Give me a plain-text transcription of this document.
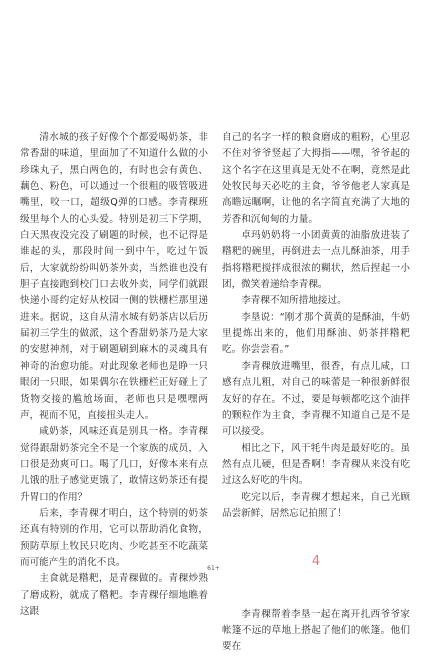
清水城的孩子好像个个都爱喝奶茶，非常香甜的味道，里面加了不知道什么做的小珍珠丸子，黑白两色的，有时也会有黄色、藕色、粉色，可以通过一个很粗的吸管吸进嘴里，咬一口，超级Q弹的口感。李青稞班级里每个人的心头爱。特别是初三下学期，白天黑夜没完没了刷题的时候，也不记得是谁起的头，那段时间一到中午，吃过午饭后，大家就纷纷叫奶茶外卖，当然谁也没有胆子直接跑到校门口去收外卖，同学们就跟快递小哥约定好从校园一侧的铁栅栏那里递进来。据说，这自从清水城有奶茶店以后历届初三学生的做派，这个香甜奶茶乃是大家的安慰神剂，对于刷题刷到麻木的灵魂具有神奇的治愈功能。对此现象老师也是睁一只眼闭一只眼，如果偶尔在铁栅栏正好碰上了货物交接的尴尬场面，老师也只是嘿嘿两声，视而不见，直接扭头走人。

咸奶茶，风味还真是别具一格。李青稞觉得跟甜奶茶完全不是一个家族的成员，入口很是劲爽可口。喝了几口，好像本来有点儿饿的肚子感觉更饿了，敢情这奶茶还有提升胃口的作用？

后来，李青稞才明白，这个特别的奶茶还真有特别的作用，它可以帮助消化食物，预防草原上牧民只吃肉、少吃甚至不吃蔬菜而可能产生的消化不良。

主食就是糌粑，是青稞做的。青稞炒熟了磨成粉，就成了糌粑。李青稞仔细地瞧着这跟

自己的名字一样的粮食磨成的粗粉，心里忍不住对爷爷竖起了大拇指——嘿，爷爷起的这个名字在这里真是无处不在啊，竟然是此处牧民每天必吃的主食，爷爷他老人家真是高瞻远瞩啊，让他的名字简直充满了大地的芳香和沉甸甸的力量。

卓玛奶奶将一小团黄黄的油脂放进装了糌粑的碗里，再倒进去一点儿酥油茶，用手指将糌粑搅拌成很浓的糊状，然后捏起一小团，微笑着递给李青稞。

李青稞不知所措地接过。

李垦说：“刚才那个黄黄的是酥油，牛奶里提炼出来的，他们用酥油、奶茶拌糌粑吃。你尝尝看。”

李青稞放进嘴里，很香，有点儿咸，口感有点儿粗，对自己的味蕾是一种很新鲜很友好的存在。不过，要是每顿都吃这个油拌的颗粒作为主食，李青稞不知道自己是不是可以接受。

相比之下，风干牦牛肉是最好吃的。虽然有点儿硬，但是香啊！李青稞从来没有吃过这么好吃的牛肉。

吃完以后，李青稞才想起来，自己光顾品尝新鲜，居然忘记拍照了！

4

李青稞帮着李垦一起在离开扎西爷爷家帐篷不远的草地上搭起了他们的帐篷。他们要在

61+
